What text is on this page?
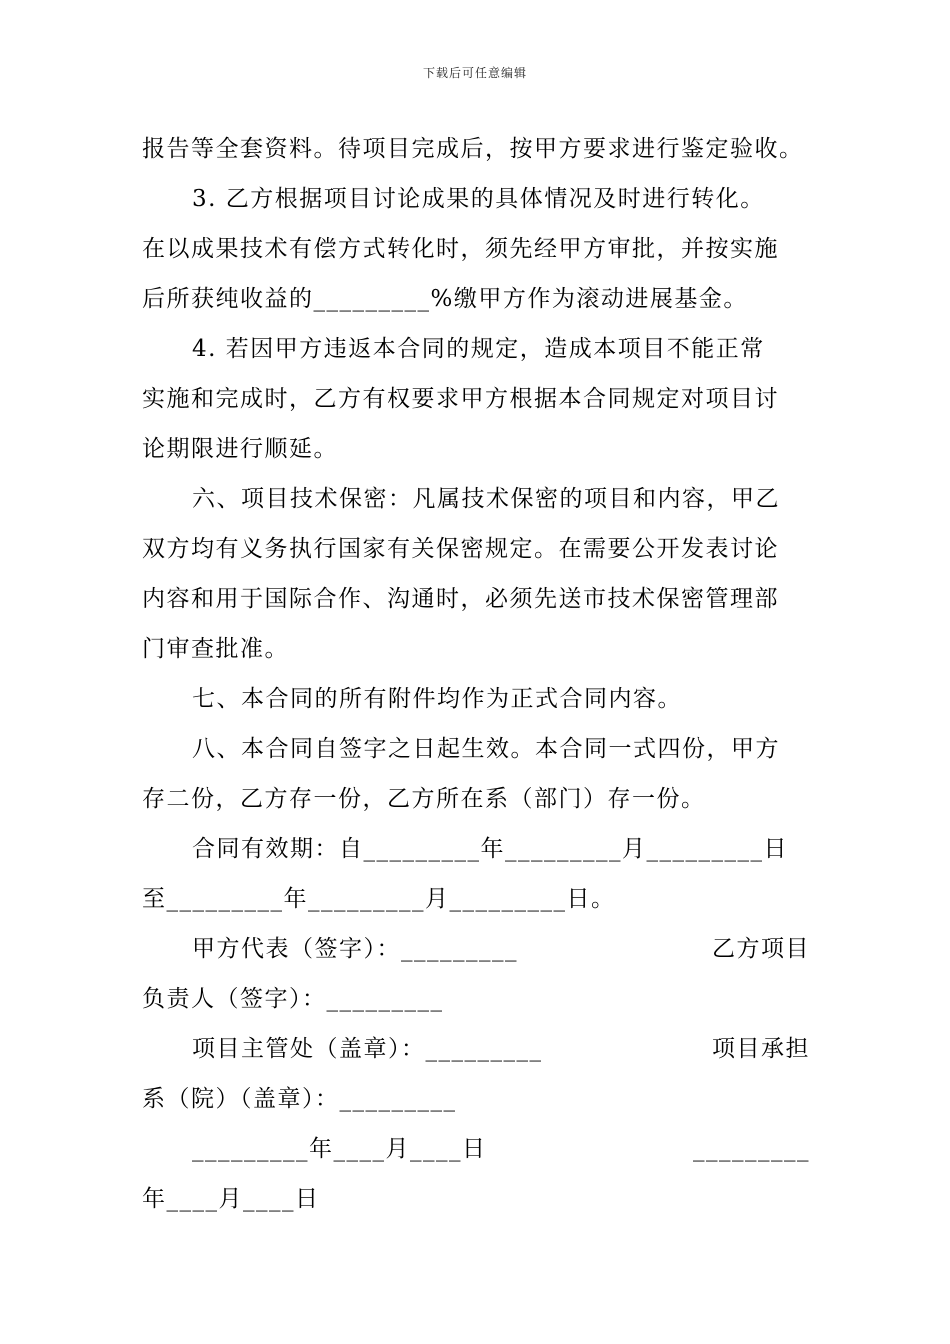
下载后可任意编辑
报告等全套资料。待项目完成后，按甲方要求进行鉴定验收。
3. 乙方根据项目讨论成果的具体情况及时进行转化。
在以成果技术有偿方式转化时，须先经甲方审批，并按实施
后所获纯收益的_________%缴甲方作为滚动进展基金。
4. 若因甲方违返本合同的规定，造成本项目不能正常
实施和完成时，乙方有权要求甲方根据本合同规定对项目讨
论期限进行顺延。
六、项目技术保密：凡属技术保密的项目和内容，甲乙
双方均有义务执行国家有关保密规定。在需要公开发表讨论
内容和用于国际合作、沟通时，必须先送市技术保密管理部
门审查批准。
七、本合同的所有附件均作为正式合同内容。
八、本合同自签字之日起生效。本合同一式四份，甲方
存二份，乙方存一份，乙方所在系（部门）存一份。
合同有效期：自_________年_________月_________日
至_________年_________月_________日。
甲方代表（签字）：_________	乙方项目
负责人（签字）：_________
项目主管处（盖章）：_________	项目承担
系（院）（盖章）：_________
_________年____月____日	_________
年____月____日
